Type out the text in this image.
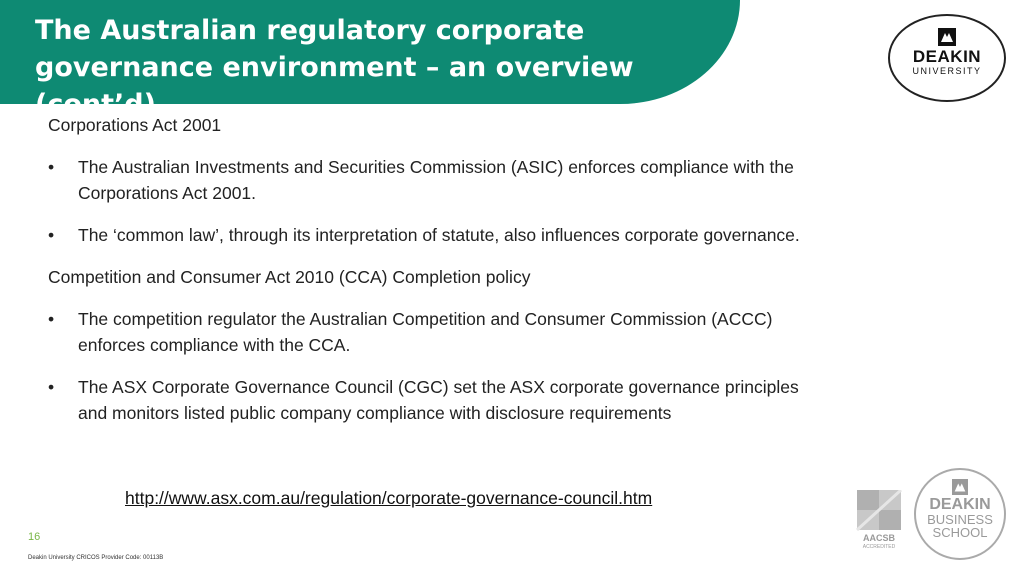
The Australian regulatory corporate governance environment – an overview (cont’d)
DEAKIN
UNIVERSITY

Corporations Act 2001

• The Australian Investments and Securities Commission (ASIC) enforces compliance with the Corporations Act 2001.

• The ‘common law’, through its interpretation of statute, also influences corporate governance.

Competition and Consumer Act 2010 (CCA) Completion policy

• The competition regulator the Australian Competition and Consumer Commission (ACCC) enforces compliance with the CCA.

• The ASX Corporate Governance Council (CGC) set the ASX corporate governance principles and monitors listed public company compliance with disclosure requirements

http://www.asx.com.au/regulation/corporate-governance-council.htm
16
Deakin University CRICOS Provider Code: 00113B
AACSB
ACCREDITED
DEAKIN
BUSINESS
SCHOOL
